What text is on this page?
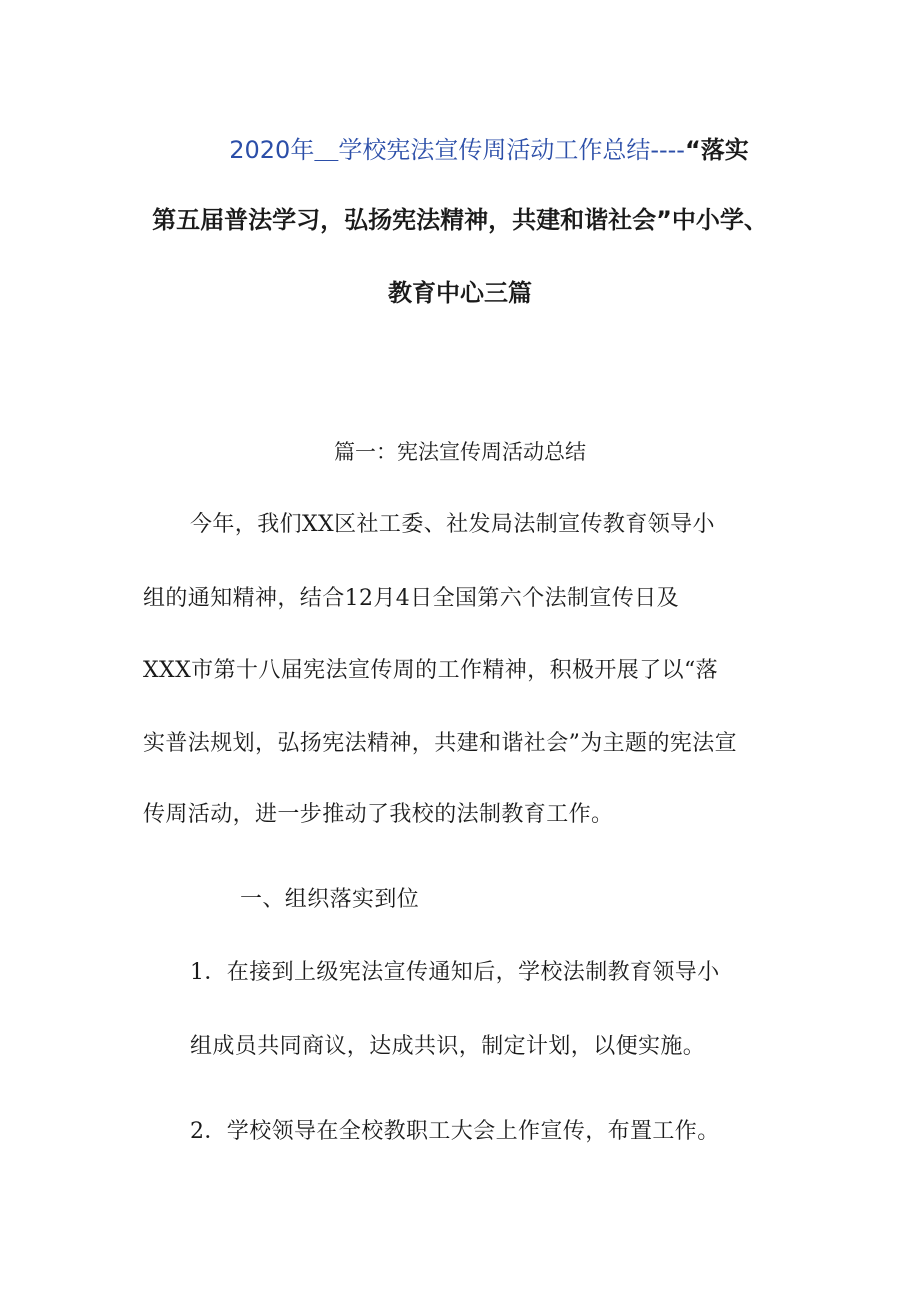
2020年＿学校宪法宣传周活动工作总结----“落实
第五届普法学习，弘扬宪法精神，共建和谐社会”中小学、
教育中心三篇
篇一：宪法宣传周活动总结
今年，我们XX区社工委、社发局法制宣传教育领导小
组的通知精神，结合12月4日全国第六个法制宣传日及
XXX市第十八届宪法宣传周的工作精神，积极开展了以“落
实普法规划，弘扬宪法精神，共建和谐社会”为主题的宪法宣
传周活动，进一步推动了我校的法制教育工作。
一、组织落实到位
1．在接到上级宪法宣传通知后，学校法制教育领导小
组成员共同商议，达成共识，制定计划，以便实施。
2．学校领导在全校教职工大会上作宣传，布置工作。
